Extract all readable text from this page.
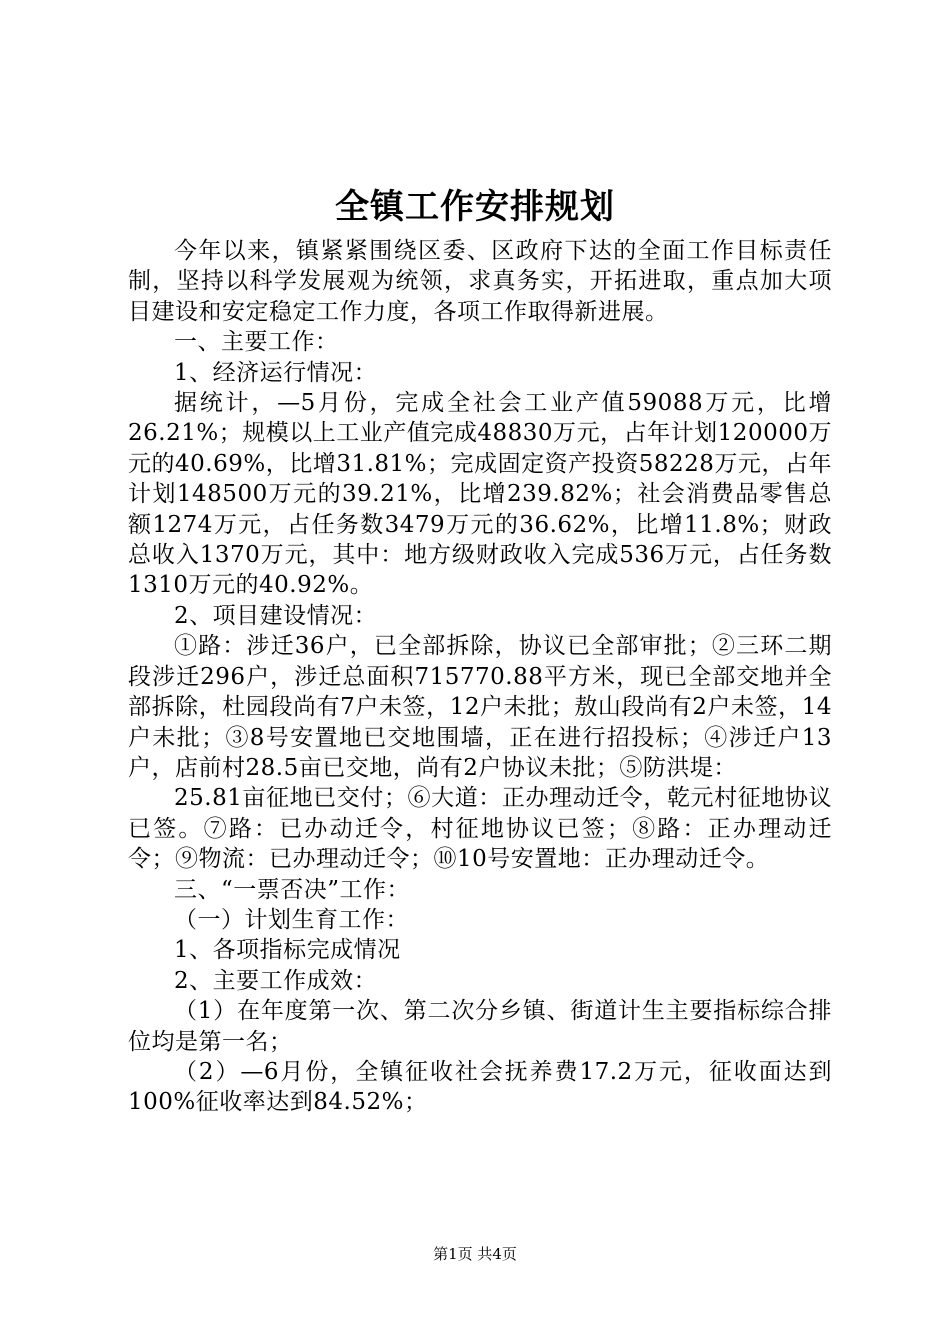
全镇工作安排规划

今年以来，镇紧紧围绕区委、区政府下达的全面工作目标责任制，坚持以科学发展观为统领，求真务实，开拓进取，重点加大项目建设和安定稳定工作力度，各项工作取得新进展。

一、主要工作：

1、经济运行情况：

据统计，—5月份，完成全社会工业产值59088万元，比增26.21%；规模以上工业产值完成48830万元，占年计划120000万元的40.69%，比增31.81%；完成固定资产投资58228万元，占年计划148500万元的39.21%，比增239.82%；社会消费品零售总额1274万元，占任务数3479万元的36.62%，比增11.8%；财政总收入1370万元，其中：地方级财政收入完成536万元，占任务数1310万元的40.92%。

2、项目建设情况：

①路：涉迁36户，已全部拆除，协议已全部审批；②三环二期段涉迁296户，涉迁总面积715770.88平方米，现已全部交地并全部拆除，杜园段尚有7户未签，12户未批；敖山段尚有2户未签，14户未批；③8号安置地已交地围墙，正在进行招投标；④涉迁户13户，店前村28.5亩已交地，尚有2户协议未批；⑤防洪堤：

25.81亩征地已交付；⑥大道：正办理动迁令，乾元村征地协议已签。⑦路：已办动迁令，村征地协议已签；⑧路：正办理动迁令；⑨物流：已办理动迁令；⑩10号安置地：正办理动迁令。

三、“一票否决”工作：

（一）计划生育工作：

1、各项指标完成情况

2、主要工作成效：

（1）在年度第一次、第二次分乡镇、街道计生主要指标综合排位均是第一名；

（2）—6月份，全镇征收社会抚养费17.2万元，征收面达到100%征收率达到84.52%；

第1页 共4页
